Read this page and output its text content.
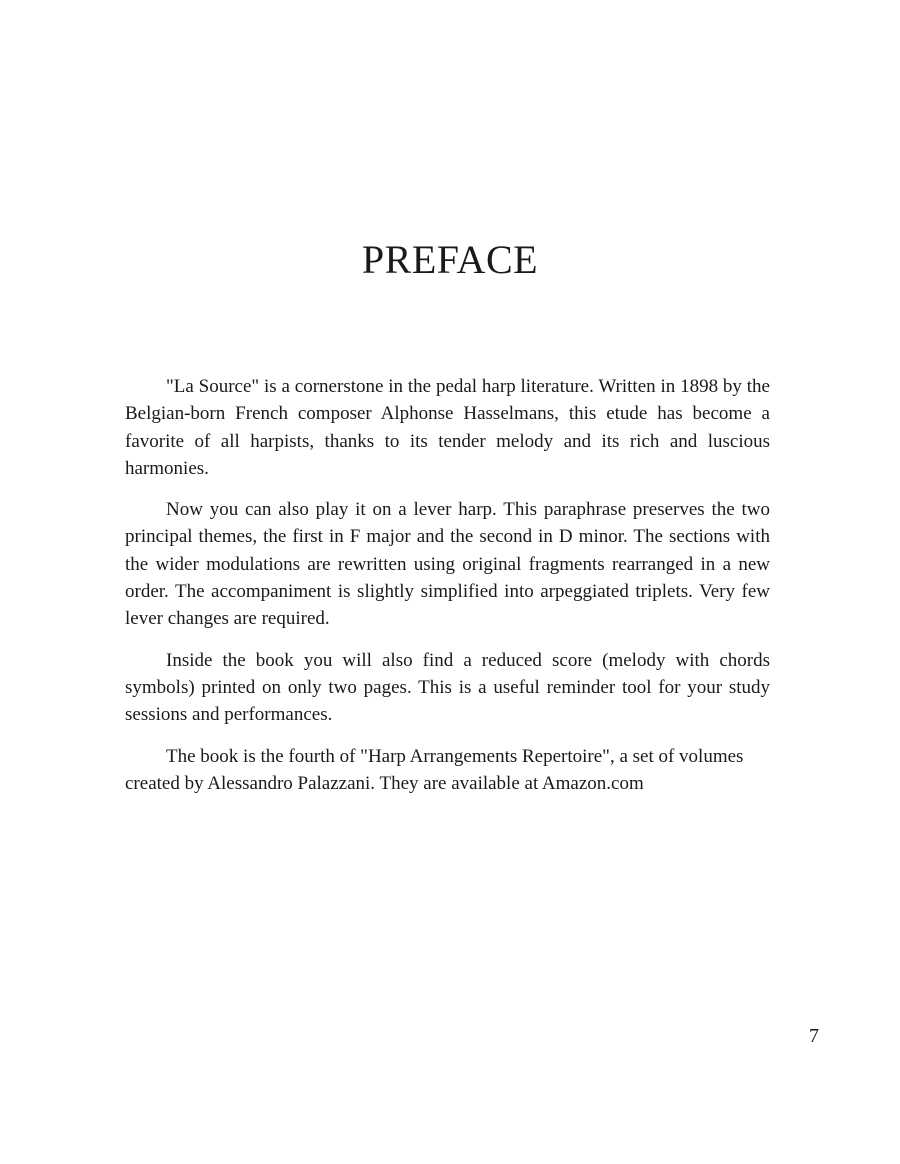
PREFACE

"La Source" is a cornerstone in the pedal harp literature. Written in 1898 by the Belgian-born French composer Alphonse Hasselmans, this etude has become a favorite of all harpists, thanks to its tender melody and its rich and luscious harmonies.

Now you can also play it on a lever harp. This paraphrase preserves the two principal themes, the first in F major and the second in D minor. The sections with the wider modulations are rewritten using original fragments rearranged in a new order. The accompaniment is slightly simplified into arpeggiated triplets. Very few lever changes are required.

Inside the book you will also find a reduced score (melody with chords symbols) printed on only two pages. This is a useful reminder tool for your study sessions and performances.

The book is the fourth of "Harp Arrangements Repertoire", a set of volumes created by Alessandro Palazzani. They are available at Amazon.com

7
